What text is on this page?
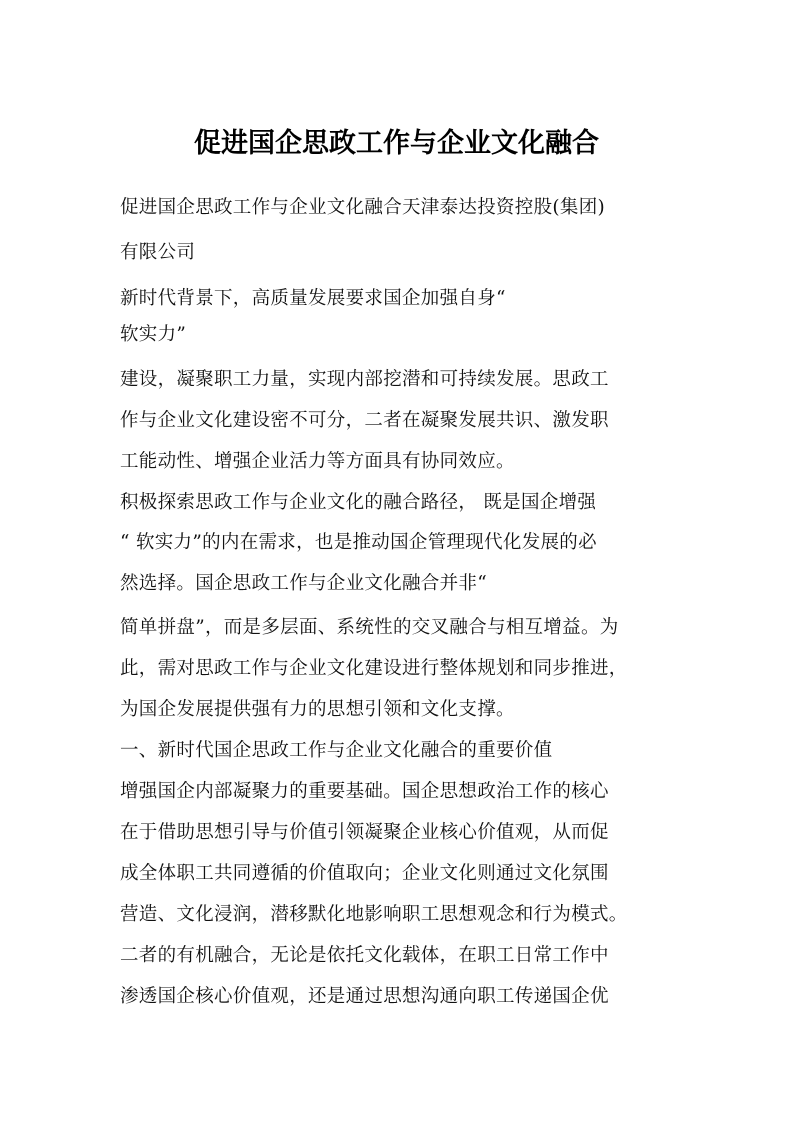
促进国企思政工作与企业文化融合
促进国企思政工作与企业文化融合天津泰达投资控股(集团)
有限公司
新时代背景下，高质量发展要求国企加强自身“
软实力”
建设，凝聚职工力量，实现内部挖潜和可持续发展。思政工
作与企业文化建设密不可分，二者在凝聚发展共识、激发职
工能动性、增强企业活力等方面具有协同效应。
积极探索思政工作与企业文化的融合路径， 既是国企增强
“ 软实力”的内在需求，也是推动国企管理现代化发展的必
然选择。国企思政工作与企业文化融合并非“
简单拼盘”，而是多层面、系统性的交叉融合与相互增益。为
此，需对思政工作与企业文化建设进行整体规划和同步推进，
为国企发展提供强有力的思想引领和文化支撑。
一、新时代国企思政工作与企业文化融合的重要价值
增强国企内部凝聚力的重要基础。国企思想政治工作的核心
在于借助思想引导与价值引领凝聚企业核心价值观，从而促
成全体职工共同遵循的价值取向；企业文化则通过文化氛围
营造、文化浸润，潜移默化地影响职工思想观念和行为模式。
二者的有机融合，无论是依托文化载体，在职工日常工作中
渗透国企核心价值观，还是通过思想沟通向职工传递国企优
